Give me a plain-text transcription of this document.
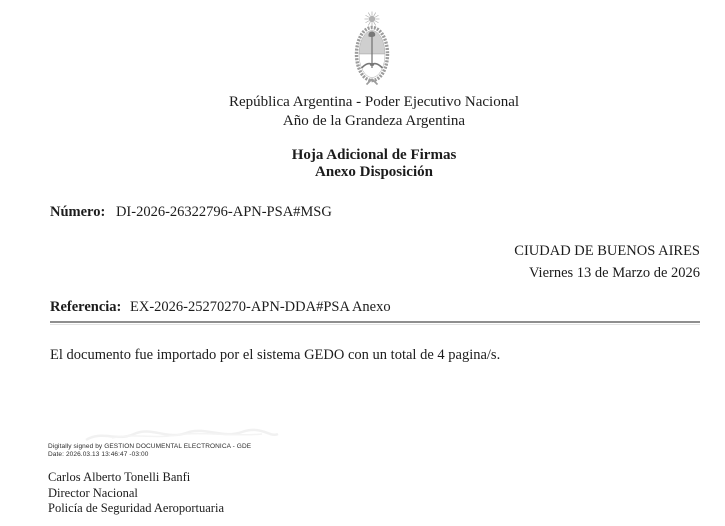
República Argentina - Poder Ejecutivo Nacional
Año de la Grandeza Argentina
Hoja Adicional de Firmas
Anexo Disposición
Número: DI-2026-26322796-APN-PSA#MSG
CIUDAD DE BUENOS AIRES
Viernes 13 de Marzo de 2026
Referencia: EX-2026-25270270-APN-DDA#PSA Anexo
El documento fue importado por el sistema GEDO con un total de 4 pagina/s.
Digitally signed by GESTION DOCUMENTAL ELECTRONICA - GDE
Date: 2026.03.13 13:46:47 -03:00
Carlos Alberto Tonelli Banfi
Director Nacional
Policía de Seguridad Aeroportuaria
